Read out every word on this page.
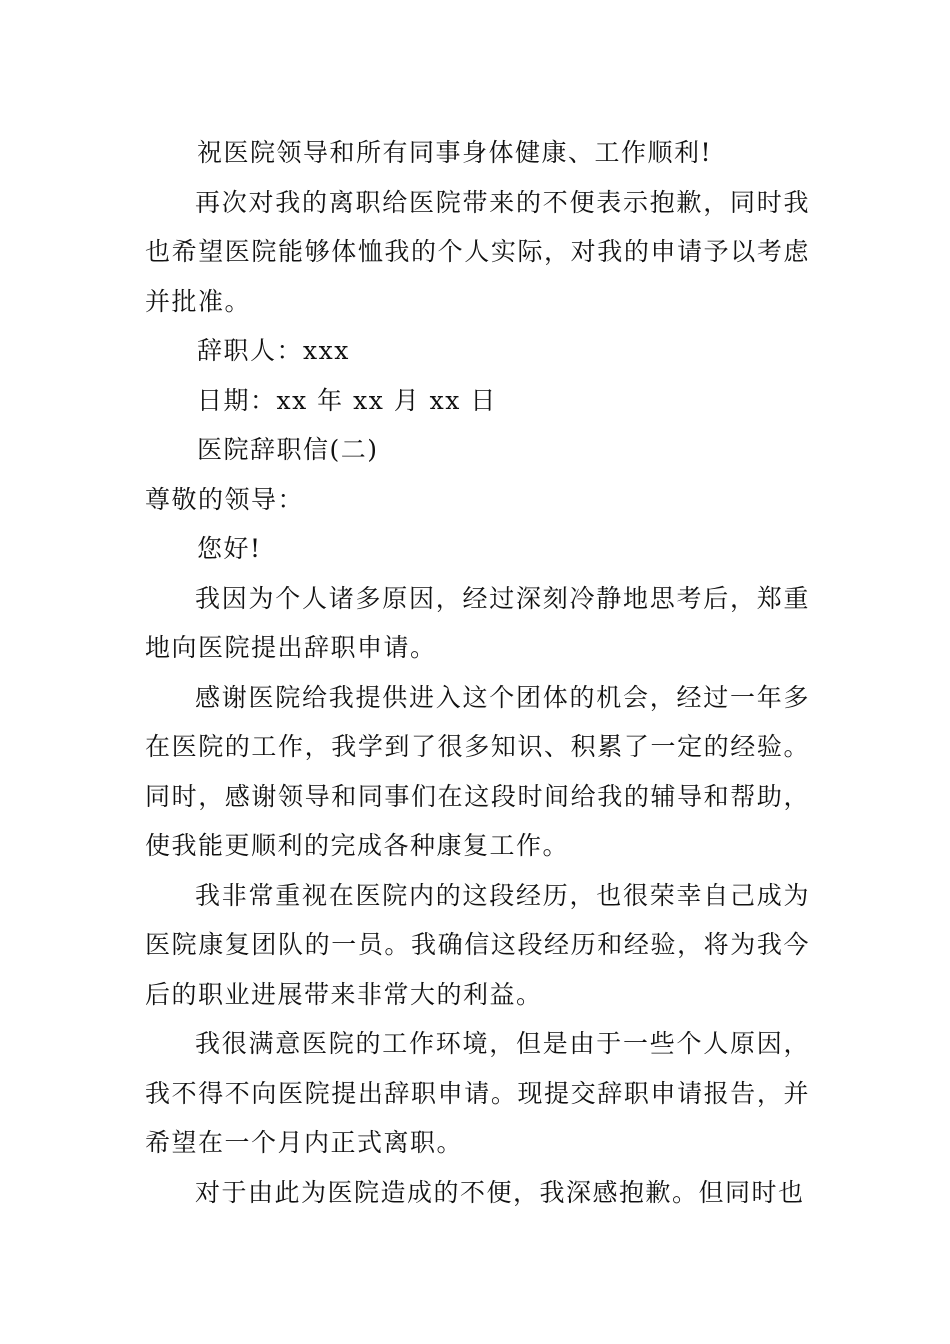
祝医院领导和所有同事身体健康、工作顺利!

再次对我的离职给医院带来的不便表示抱歉，同时我也希望医院能够体恤我的个人实际，对我的申请予以考虑并批准。

辞职人：xxx

日期：xx 年 xx 月 xx 日

医院辞职信(二)

尊敬的领导：

您好!

我因为个人诸多原因，经过深刻冷静地思考后，郑重地向医院提出辞职申请。

感谢医院给我提供进入这个团体的机会，经过一年多在医院的工作，我学到了很多知识、积累了一定的经验。同时，感谢领导和同事们在这段时间给我的辅导和帮助，使我能更顺利的完成各种康复工作。

我非常重视在医院内的这段经历，也很荣幸自己成为医院康复团队的一员。我确信这段经历和经验，将为我今后的职业进展带来非常大的利益。

我很满意医院的工作环境，但是由于一些个人原因，我不得不向医院提出辞职申请。现提交辞职申请报告，并希望在一个月内正式离职。

对于由此为医院造成的不便，我深感抱歉。但同时也
